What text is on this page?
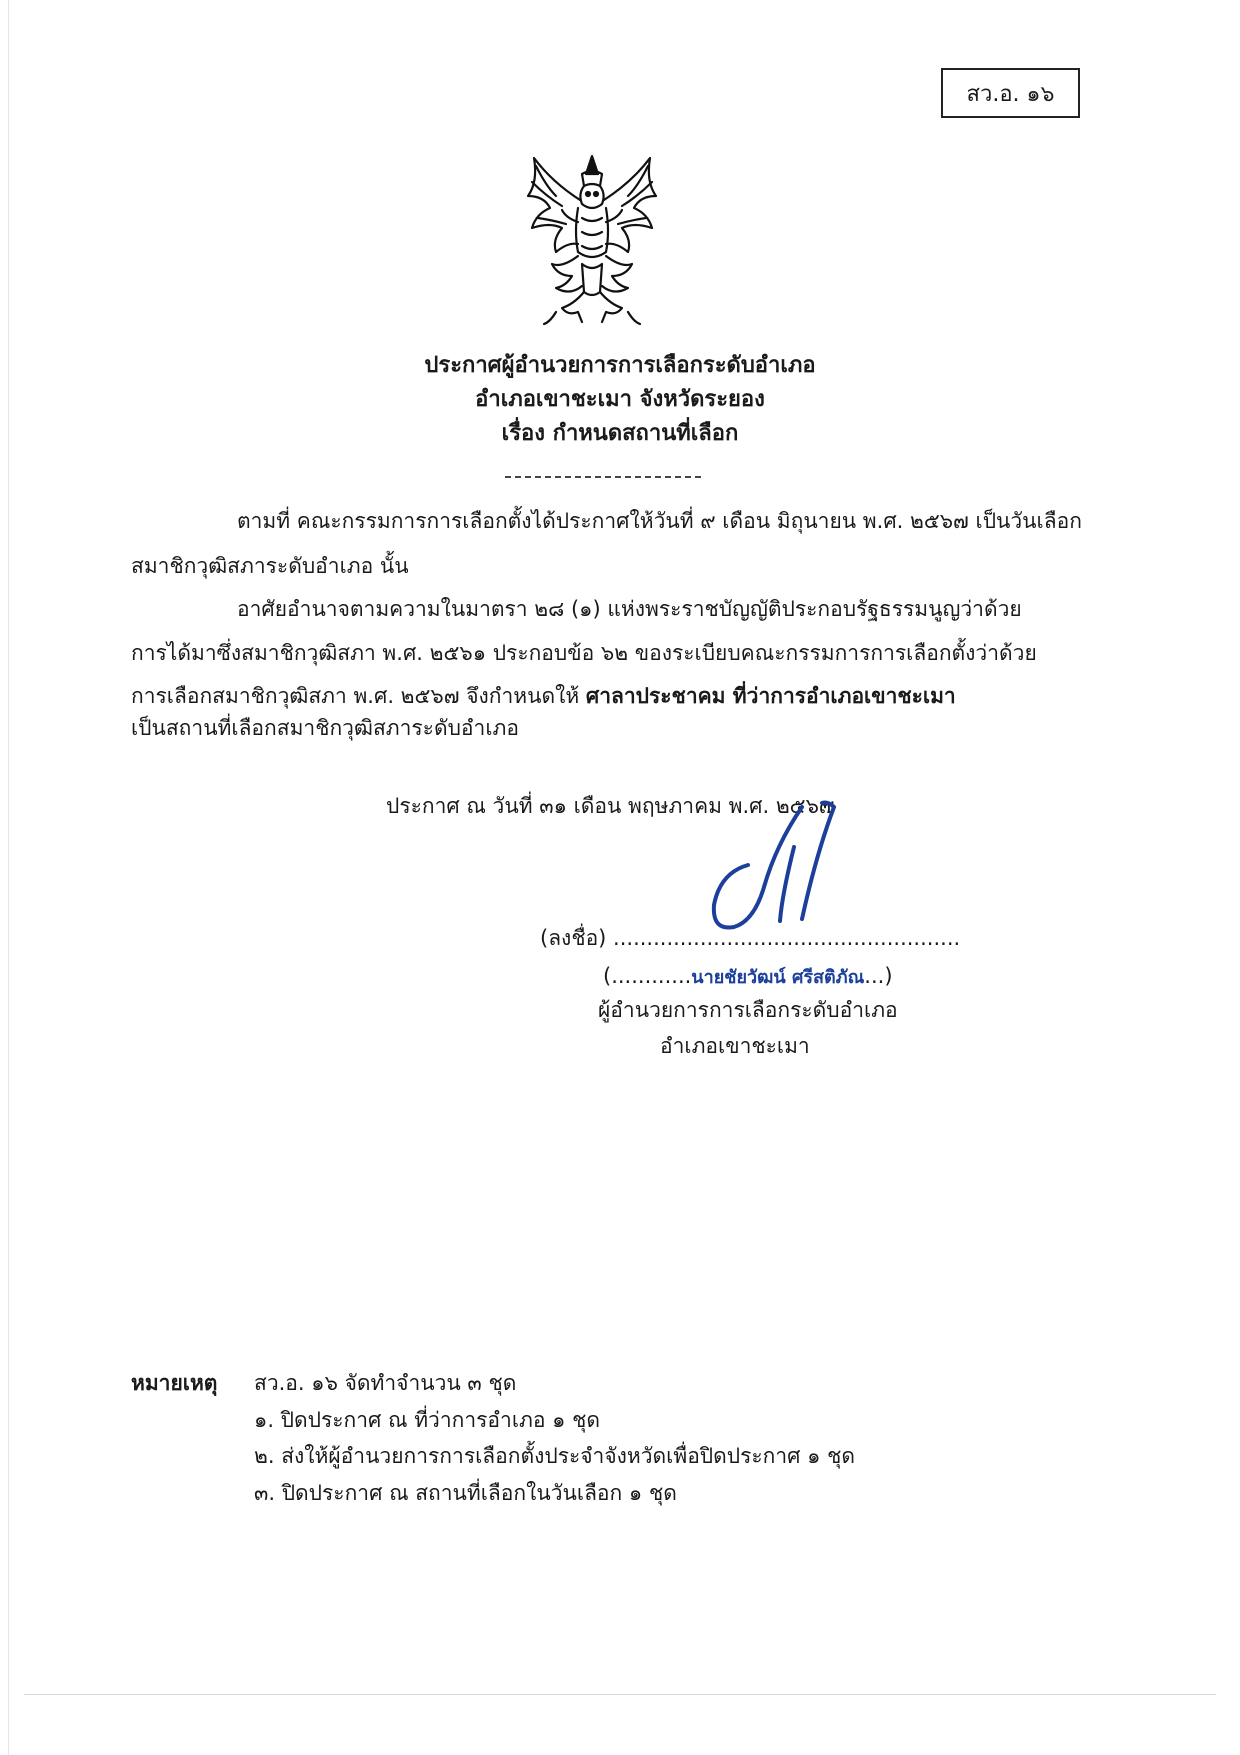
สว.อ. ๑๖
ประกาศผู้อำนวยการการเลือกระดับอำเภอ
อำเภอเขาชะเมา จังหวัดระยอง
เรื่อง กำหนดสถานที่เลือก
ตามที่ คณะกรรมการการเลือกตั้งได้ประกาศให้วันที่ ๙ เดือน มิถุนายน พ.ศ. ๒๕๖๗ เป็นวันเลือก
สมาชิกวุฒิสภาระดับอำเภอ นั้น
อาศัยอำนาจตามความในมาตรา ๒๘ (๑) แห่งพระราชบัญญัติประกอบรัฐธรรมนูญว่าด้วย
การได้มาซึ่งสมาชิกวุฒิสภา พ.ศ. ๒๕๖๑ ประกอบข้อ ๖๒ ของระเบียบคณะกรรมการการเลือกตั้งว่าด้วย
การเลือกสมาชิกวุฒิสภา พ.ศ. ๒๕๖๗ จึงกำหนดให้ ศาลาประชาคม ที่ว่าการอำเภอเขาชะเมา
เป็นสถานที่เลือกสมาชิกวุฒิสภาระดับอำเภอ
ประกาศ ณ วันที่ ๓๑ เดือน พฤษภาคม พ.ศ. ๒๕๖๗
(ลงชื่อ) ....................................................
(............นายชัยวัฒน์ ศรีสติภัณ...)
ผู้อำนวยการการเลือกระดับอำเภอ
อำเภอเขาชะเมา
หมายเหตุ สว.อ. ๑๖ จัดทำจำนวน ๓ ชุด
๑. ปิดประกาศ ณ ที่ว่าการอำเภอ ๑ ชุด
๒. ส่งให้ผู้อำนวยการการเลือกตั้งประจำจังหวัดเพื่อปิดประกาศ ๑ ชุด
๓. ปิดประกาศ ณ สถานที่เลือกในวันเลือก ๑ ชุด
